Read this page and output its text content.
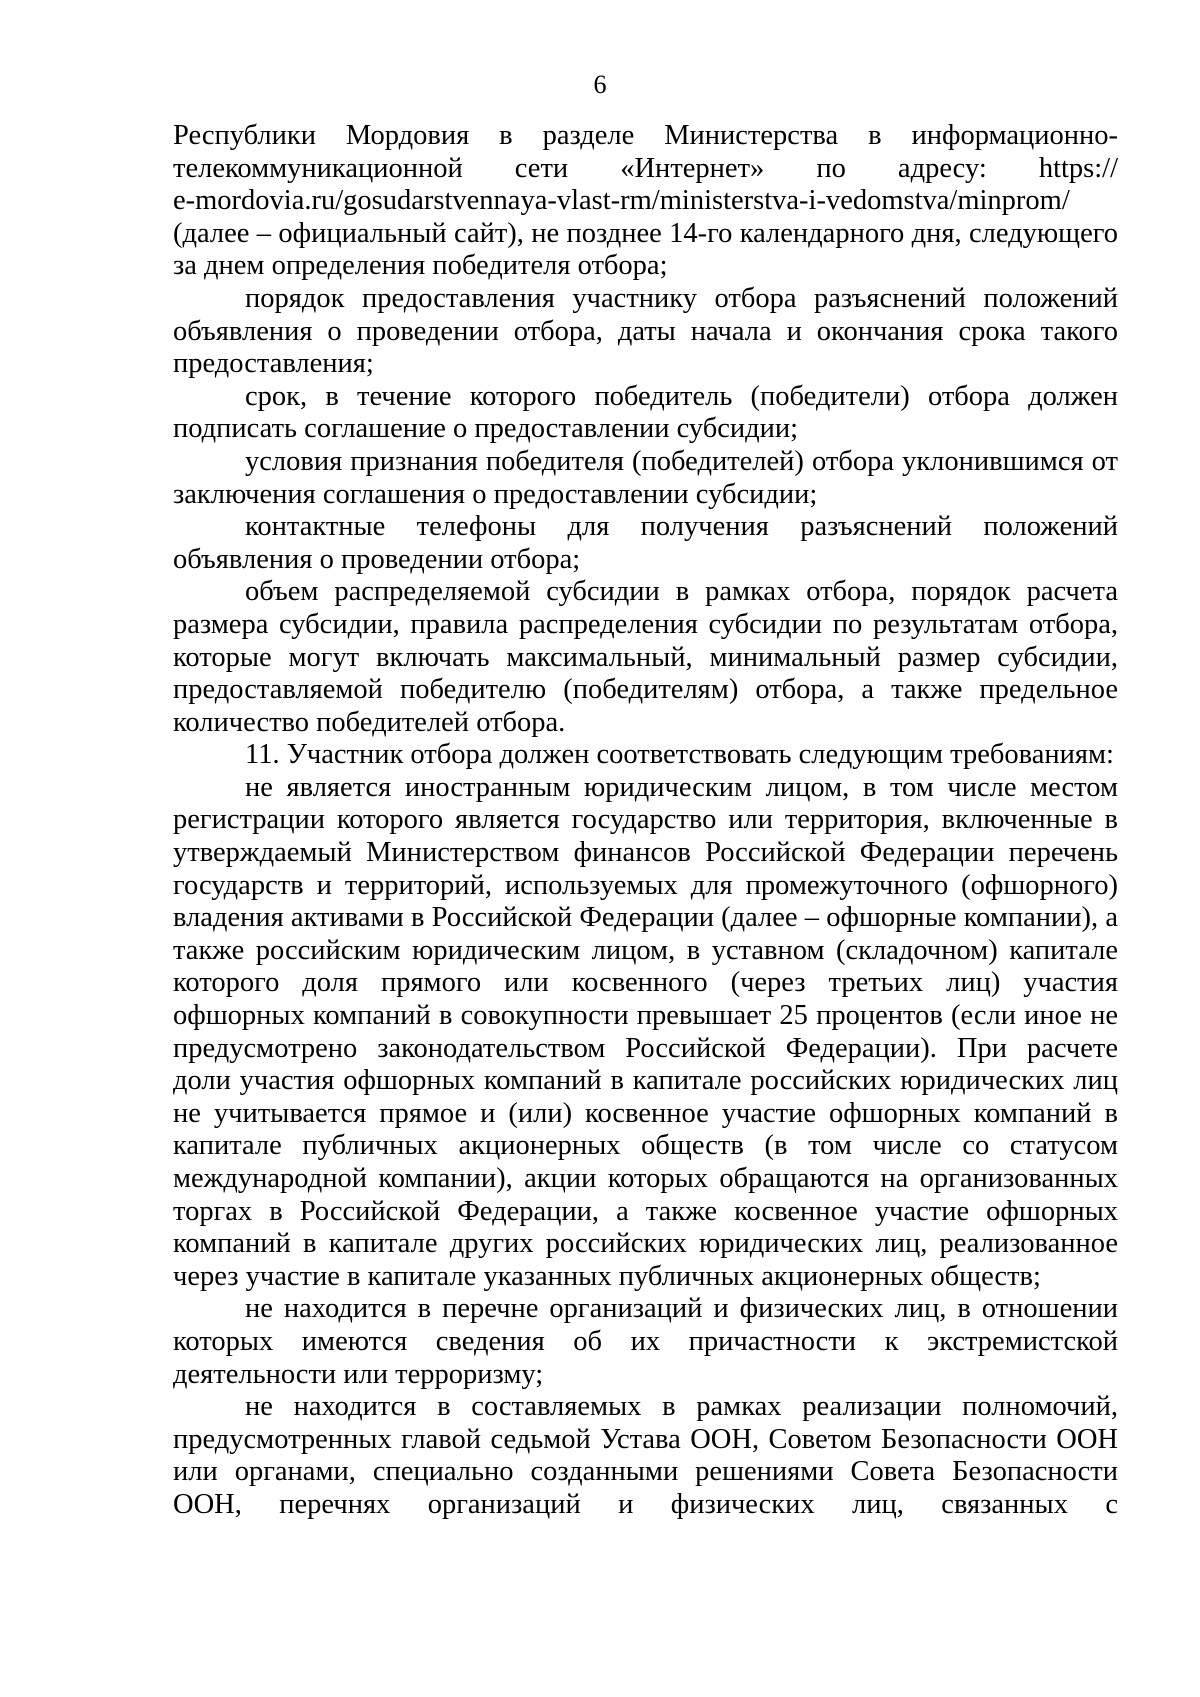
6

Республики Мордовия в разделе Министерства в информационно-
телекоммуникационной сети «Интернет» по адресу: https://
e-mordovia.ru/gosudarstvennaya-vlast-rm/ministerstva-i-vedomstva/minprom/
(далее – официальный сайт), не позднее 14-го календарного дня, следующего
за днем определения победителя отбора;

порядок предоставления участнику отбора разъяснений положений объявления о проведении отбора, даты начала и окончания срока такого предоставления;

срок, в течение которого победитель (победители) отбора должен подписать соглашение о предоставлении субсидии;

условия признания победителя (победителей) отбора уклонившимся от заключения соглашения о предоставлении субсидии;

контактные телефоны для получения разъяснений положений объявления о проведении отбора;

объем распределяемой субсидии в рамках отбора, порядок расчета размера субсидии, правила распределения субсидии по результатам отбора, которые могут включать максимальный, минимальный размер субсидии, предоставляемой победителю (победителям) отбора, а также предельное количество победителей отбора.

11. Участник отбора должен соответствовать следующим требованиям:

не является иностранным юридическим лицом, в том числе местом регистрации которого является государство или территория, включенные в утверждаемый Министерством финансов Российской Федерации перечень государств и территорий, используемых для промежуточного (офшорного) владения активами в Российской Федерации (далее – офшорные компании), а также российским юридическим лицом, в уставном (складочном) капитале которого доля прямого или косвенного (через третьих лиц) участия офшорных компаний в совокупности превышает 25 процентов (если иное не предусмотрено законодательством Российской Федерации). При расчете доли участия офшорных компаний в капитале российских юридических лиц не учитывается прямое и (или) косвенное участие офшорных компаний в капитале публичных акционерных обществ (в том числе со статусом международной компании), акции которых обращаются на организованных торгах в Российской Федерации, а также косвенное участие офшорных компаний в капитале других российских юридических лиц, реализованное через участие в капитале указанных публичных акционерных обществ;

не находится в перечне организаций и физических лиц, в отношении которых имеются сведения об их причастности к экстремистской деятельности или терроризму;

не находится в составляемых в рамках реализации полномочий, предусмотренных главой седьмой Устава ООН, Советом Безопасности ООН или органами, специально созданными решениями Совета Безопасности ООН, перечнях организаций и физических лиц, связанных с
